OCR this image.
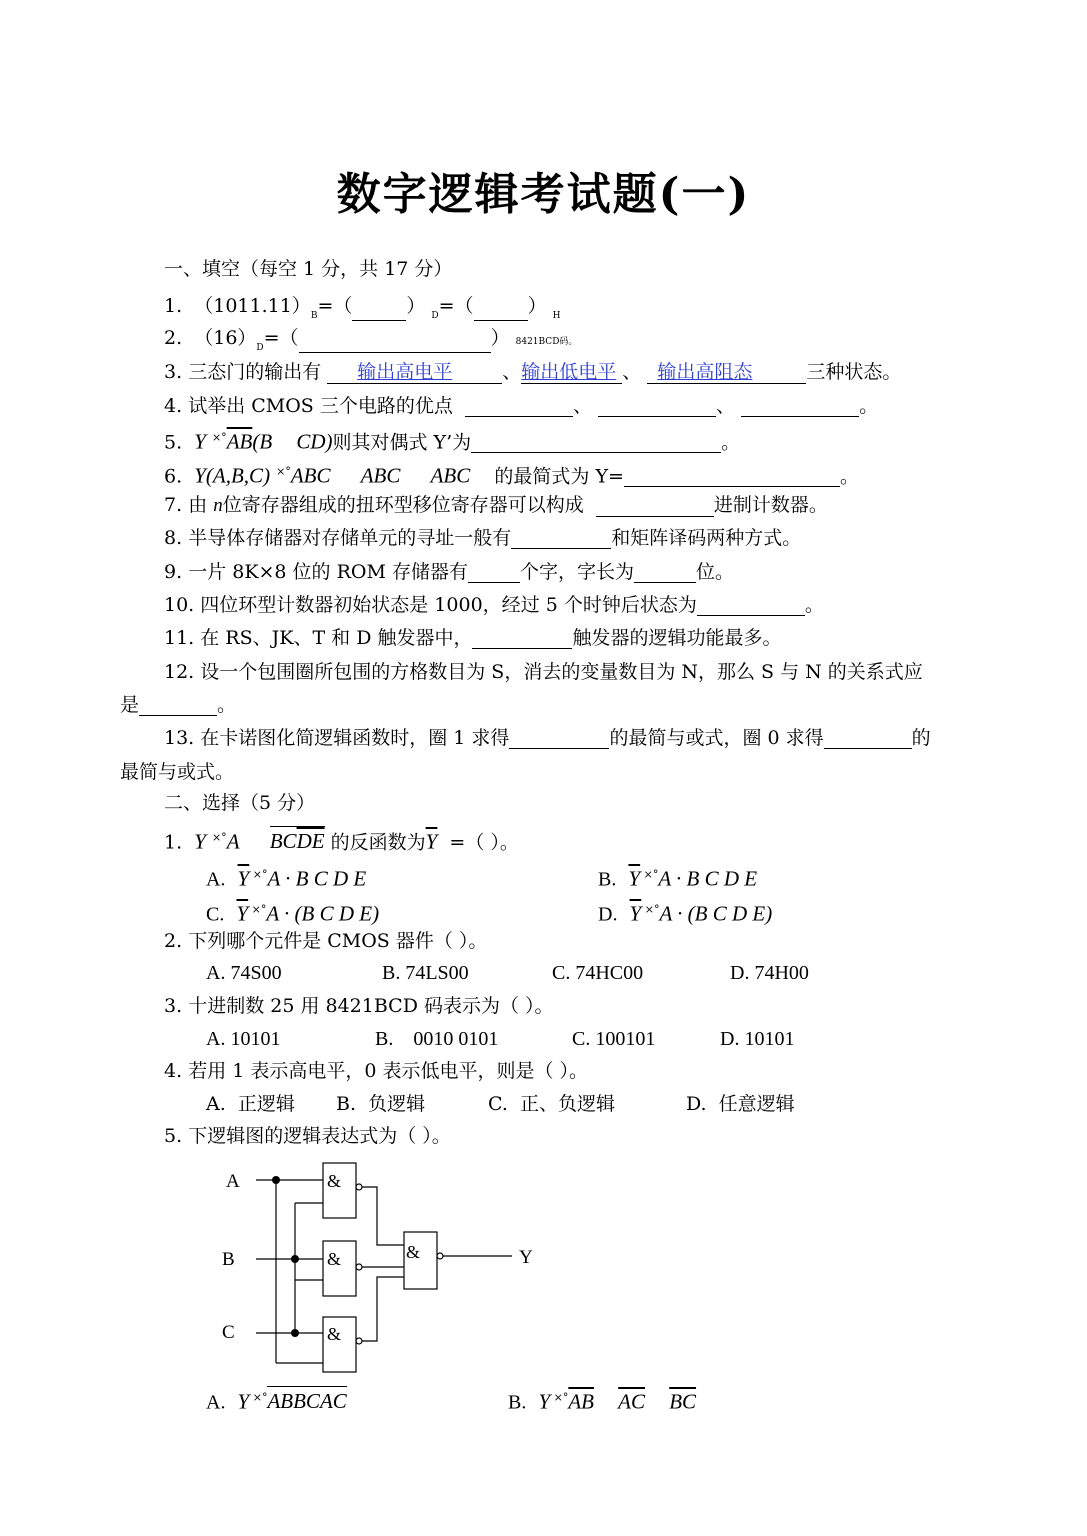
数字逻辑考试题(一)
一、填空（每空 1 分，共 17 分）
1. $(1011.11)_B=$（	） $_D$=（	） $_H$
2. $(16)_D=$（	） 8421BCD码。
3. 三态门的输出有 输出高电平	、输出低电平 、 输出高阻态	三种状态。
4. 试举出 CMOS 三个电路的优点	、	、	。
5. Y $^{\times^\circ}\overline{AB}(B$ CD)则其对偶式 Y’为	。
6. Y(A,B,C) ×°ABC ABC ABC 的最简式为 Y=	。
7. 由 n位寄存器组成的扭环型移位寄存器可以构成	进制计数器。
8. 半导体存储器对存储单元的寻址一般有	和矩阵译码两种方式。
9. 一片 8K×8 位的 ROM 存储器有	个字，字长为	位。
10. 四位环型计数器初始状态是 1000，经过 5 个时钟后状态为	。
11. 在 RS、JK、T 和 D 触发器中，	触发器的逻辑功能最多。
12. 设一个包围圈所包围的方格数目为 S，消去的变量数目为 N，那么 S 与 N 的关系式应
是	。
13. 在卡诺图化简逻辑函数时，圈 1 求得	的最简与或式，圈 0 求得	的
最简与或式。
二、选择（5 分）
1. Y ×°A $BC\overline{DE}$ 的反函数为$\overline{Y}$ =（ ）。
A. $\overline{Y}$ ×°A · B C D E	B. $\overline{Y}$ ×°A · B C D E
C. $\overline{Y}$ ×°A · (B C D E)	D. $\overline{Y}$ ×°A · (B C D E)
2. 下列哪个元件是 CMOS 器件（ ）。
A. 74S00	B. 74LS00	C. 74HC00	D. 74H00
3. 十进制数 25 用 8421BCD 码表示为（ ）。
A. 10101	B.    0010 0101	C. 100101	D. 10101
4. 若用 1 表示高电平，0 表示低电平，则是（ ）。
A.  正逻辑 B.  负逻辑	C.  正、负逻辑	D.  任意逻辑
5. 下逻辑图的逻辑表达式为（ ）。
A
B
C
Y
&
&
&
&
A. Y ×°ABBCAC	B. Y $^{\times^\circ}\overline{AB}$ $\overline{AC}$ $\overline{BC}$
